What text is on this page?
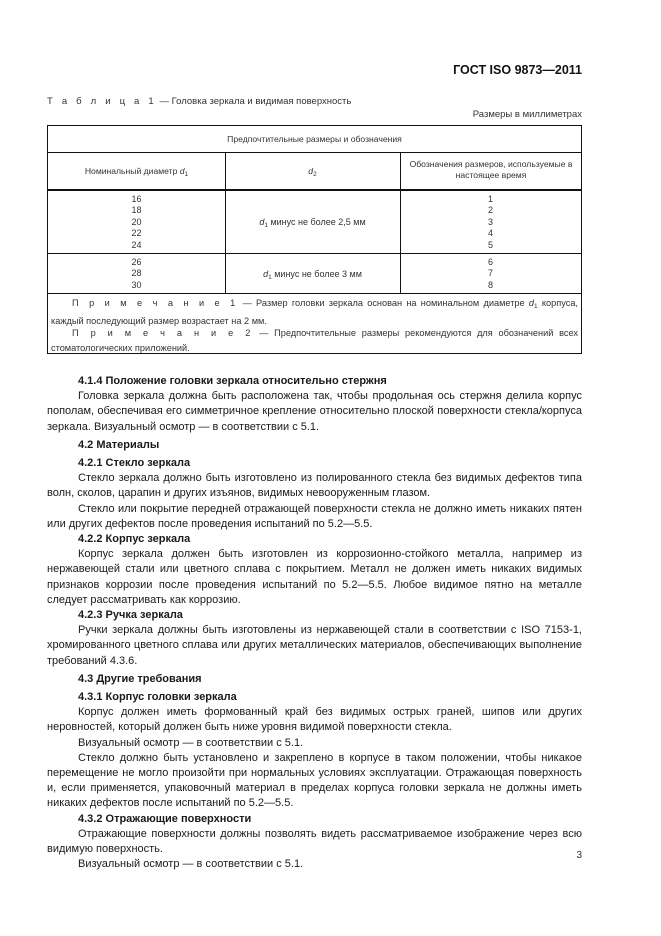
ГОСТ ISO 9873—2011
Т а б л и ц а 1 — Головка зеркала и видимая поверхность
Размеры в миллиметрах
Предпочтительные размеры и обозначения
Номинальный диаметр $d_1$	$d_2$
Обозначения размеров, используемые в настоящее время
16
18
20
22
24
$d_1$ минус не более 2,5 мм
1
2
3
4
5
26
28
30
$d_1$ минус не более 3 мм
6
7
8
П р и м е ч а н и е 1 — Размер головки зеркала основан на номинальном диаметре $d_1$ корпуса, каждый последующий размер возрастает на 2 мм.
П р и м е ч а н и е 2 — Предпочтительные размеры рекомендуются для обозначений всех стоматологических приложений.

4.1.4 Положение головки зеркала относительно стержня

Головка зеркала должна быть расположена так, чтобы продольная ось стержня делила корпус пополам, обеспечивая его симметричное крепление относительно плоской поверхности стекла/корпуса зеркала. Визуальный осмотр — в соответствии с 5.1.

4.2 Материалы

4.2.1 Стекло зеркала

Стекло зеркала должно быть изготовлено из полированного стекла без видимых дефектов типа волн, сколов, царапин и других изъянов, видимых невооруженным глазом.

Стекло или покрытие передней отражающей поверхности стекла не должно иметь никаких пятен или других дефектов после проведения испытаний по 5.2—5.5.

4.2.2 Корпус зеркала

Корпус зеркала должен быть изготовлен из коррозионно-стойкого металла, например из нержавеющей стали или цветного сплава с покрытием. Металл не должен иметь никаких видимых признаков коррозии после проведения испытаний по 5.2—5.5. Любое видимое пятно на металле следует рассматривать как коррозию.

4.2.3 Ручка зеркала

Ручки зеркала должны быть изготовлены из нержавеющей стали в соответствии с ISO 7153-1, хромированного цветного сплава или других металлических материалов, обеспечивающих выполнение требований 4.3.6.

4.3 Другие требования

4.3.1 Корпус головки зеркала

Корпус должен иметь формованный край без видимых острых граней, шипов или других неровностей, который должен быть ниже уровня видимой поверхности стекла.

Визуальный осмотр — в соответствии с 5.1.

Стекло должно быть установлено и закреплено в корпусе в таком положении, чтобы никакое перемещение не могло произойти при нормальных условиях эксплуатации. Отражающая поверхность и, если применяется, упаковочный материал в пределах корпуса головки зеркала не должны иметь никаких дефектов после испытаний по 5.2—5.5.

4.3.2 Отражающие поверхности

Отражающие поверхности должны позволять видеть рассматриваемое изображение через всю видимую поверхность.

Визуальный осмотр — в соответствии с 5.1.

3
